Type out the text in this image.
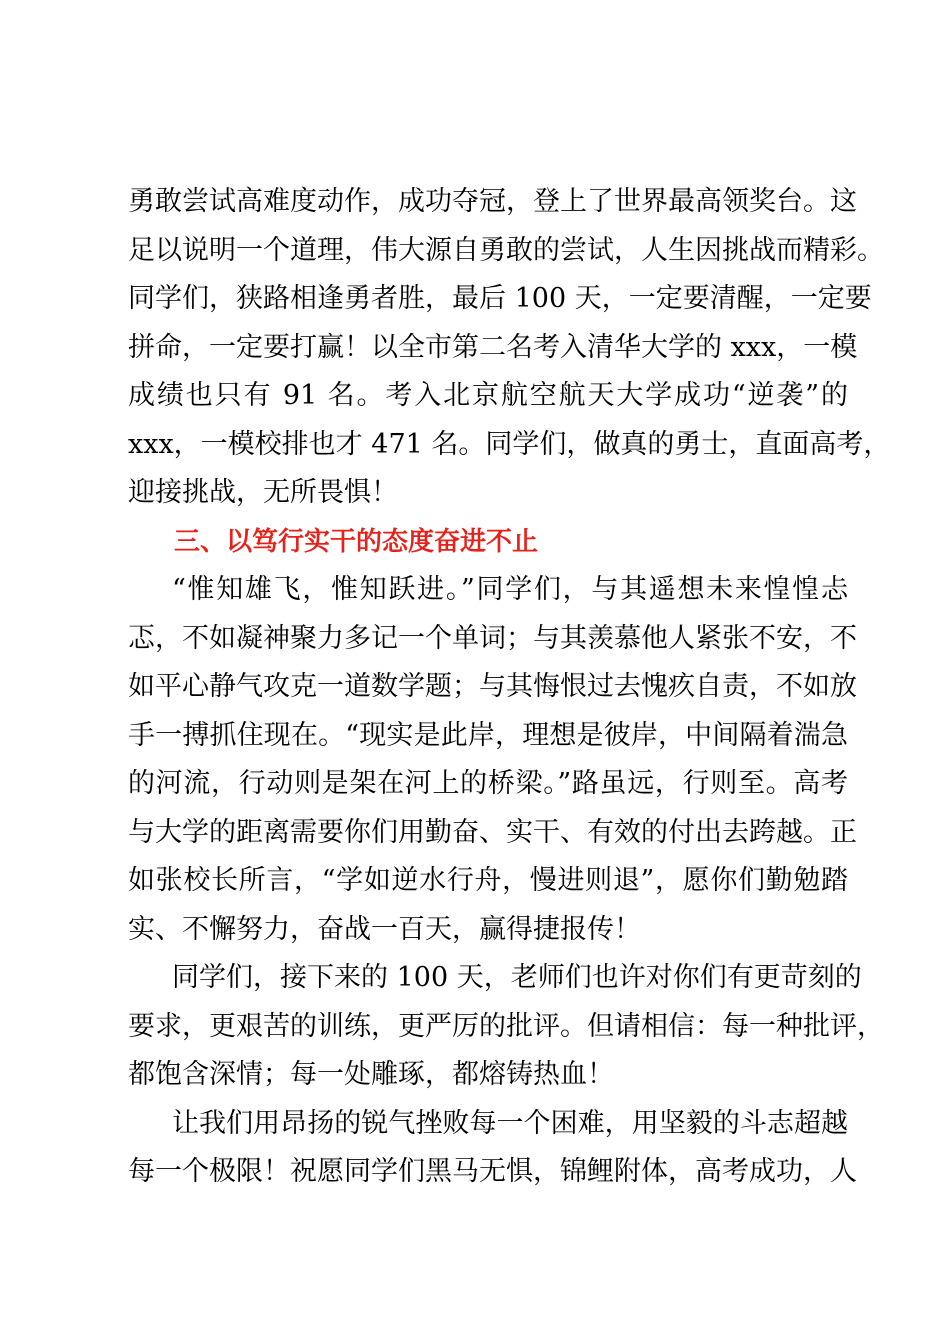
勇敢尝试高难度动作，成功夺冠，登上了世界最高领奖台。这
足以说明一个道理，伟大源自勇敢的尝试，人生因挑战而精彩。
同学们，狭路相逢勇者胜，最后 100 天，一定要清醒，一定要
拼命，一定要打赢！以全市第二名考入清华大学的 xxx，一模
成绩也只有 91 名。考入北京航空航天大学成功“逆袭”的
xxx，一模校排也才 471 名。同学们，做真的勇士，直面高考，
迎接挑战，无所畏惧！
三、以笃行实干的态度奋进不止
“惟知雄飞，惟知跃进。”同学们，与其遥想未来惶惶忐
忑，不如凝神聚力多记一个单词；与其羡慕他人紧张不安，不
如平心静气攻克一道数学题；与其悔恨过去愧疚自责，不如放
手一搏抓住现在。“现实是此岸，理想是彼岸，中间隔着湍急
的河流，行动则是架在河上的桥梁。”路虽远，行则至。高考
与大学的距离需要你们用勤奋、实干、有效的付出去跨越。正
如张校长所言，“学如逆水行舟，慢进则退”，愿你们勤勉踏
实、不懈努力，奋战一百天，赢得捷报传！
同学们，接下来的 100 天，老师们也许对你们有更苛刻的
要求，更艰苦的训练，更严厉的批评。但请相信：每一种批评，
都饱含深情；每一处雕琢，都熔铸热血！
让我们用昂扬的锐气挫败每一个困难，用坚毅的斗志超越
每一个极限！祝愿同学们黑马无惧，锦鲤附体，高考成功，人
